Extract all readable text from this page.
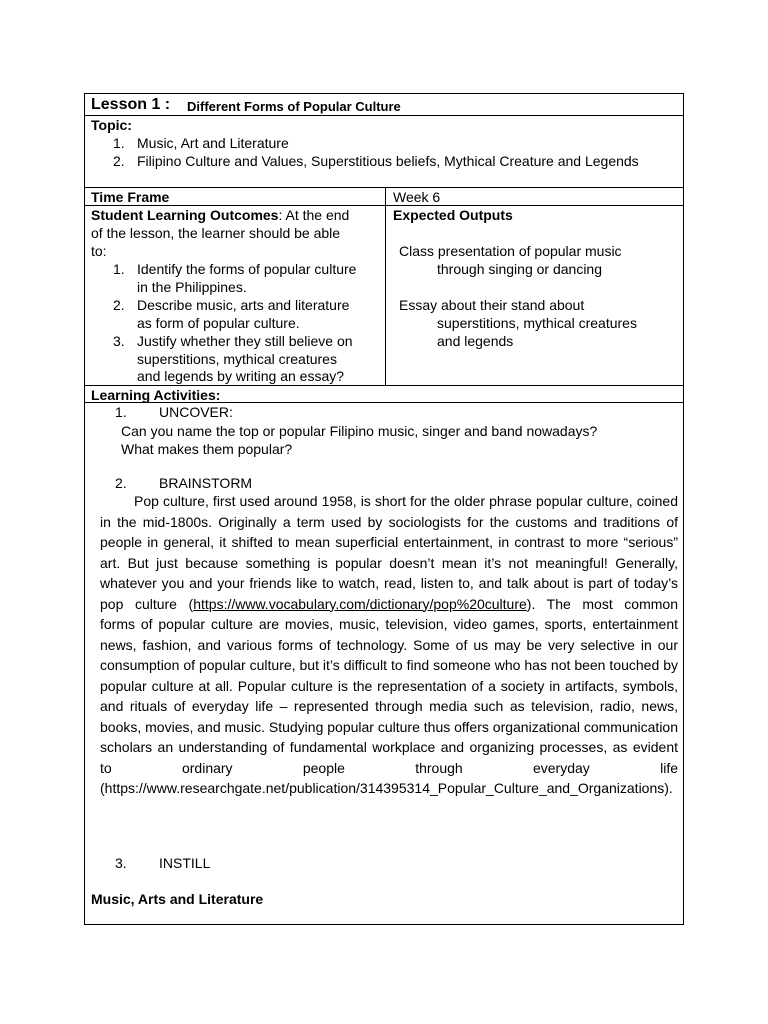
Lesson 1 : Different Forms of Popular Culture
Topic:
1. Music, Art and Literature
2. Filipino Culture and Values, Superstitious beliefs, Mythical Creature and Legends
Time Frame	Week 6
Student Learning Outcomes: At the end
of the lesson, the learner should be able
to:
1. Identify the forms of popular culture
in the Philippines.
2. Describe music, arts and literature
as form of popular culture.
3. Justify whether they still believe on
superstitions, mythical creatures
and legends by writing an essay?
Expected Outputs
Class presentation of popular music
through singing or dancing
Essay about their stand about
superstitions, mythical creatures
and legends
Learning Activities:
1. UNCOVER:
Can you name the top or popular Filipino music, singer and band nowadays?
What makes them popular?
2. BRAINSTORM
Pop culture, first used around 1958, is short for the older phrase popular culture, coined in the mid-1800s. Originally a term used by sociologists for the customs and traditions of people in general, it shifted to mean superficial entertainment, in contrast to more “serious” art. But just because something is popular doesn’t mean it’s not meaningful! Generally, whatever you and your friends like to watch, read, listen to, and talk about is part of today’s pop culture (https://www.vocabulary.com/dictionary/pop%20culture). The most common forms of popular culture are movies, music, television, video games, sports, entertainment news, fashion, and various forms of technology. Some of us may be very selective in our consumption of popular culture, but it’s difficult to find someone who has not been touched by popular culture at all. Popular culture is the representation of a society in artifacts, symbols, and rituals of everyday life – represented through media such as television, radio, news, books, movies, and music. Studying popular culture thus offers organizational communication scholars an understanding of fundamental workplace and organizing processes, as evident to ordinary people through everyday life (https://www.researchgate.net/publication/314395314_Popular_Culture_and_Organizations).
3. INSTILL
Music, Arts and Literature
